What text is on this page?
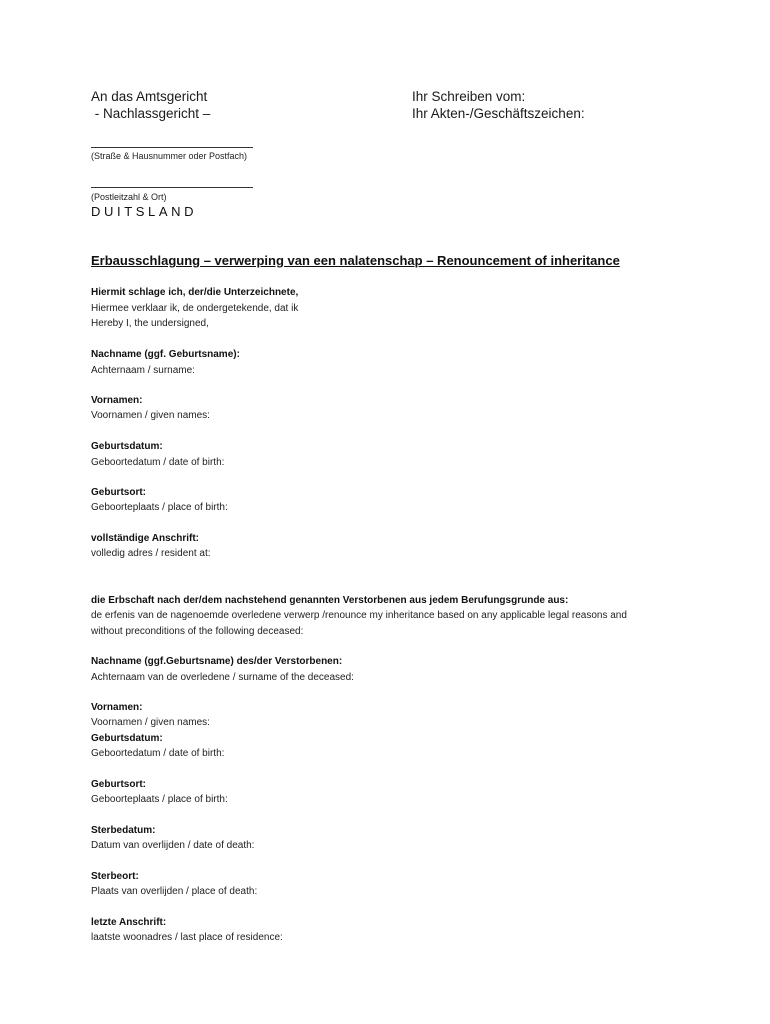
An das Amtsgericht
- Nachlassgericht –
Ihr Schreiben vom:
Ihr Akten-/Geschäftszeichen:
(Straße & Hausnummer oder Postfach)
(Postleitzahl & Ort)
DUITSLAND
Erbausschlagung – verwerping van een nalatenschap – Renouncement of inheritance
Hiermit schlage ich, der/die Unterzeichnete,
Hiermee verklaar ik, de ondergetekende, dat ik
Hereby I, the undersigned,
Nachname (ggf. Geburtsname):
Achternaam / surname:
Vornamen:
Voornamen / given names:
Geburtsdatum:
Geboortedatum / date of birth:
Geburtsort:
Geboorteplaats / place of birth:
vollständige Anschrift:
volledig adres / resident at:
die Erbschaft nach der/dem nachstehend genannten Verstorbenen aus jedem Berufungsgrunde aus:
de erfenis van de nagenoemde overledene verwerp /renounce my inheritance based on any applicable legal reasons and
without preconditions of the following deceased:
Nachname (ggf.Geburtsname) des/der Verstorbenen:
Achternaam van de overledene / surname of the deceased:
Vornamen:
Voornamen / given names:
Geburtsdatum:
Geboortedatum / date of birth:
Geburtsort:
Geboorteplaats / place of birth:
Sterbedatum:
Datum van overlijden / date of death:
Sterbeort:
Plaats van overlijden / place of death:
letzte Anschrift:
laatste woonadres / last place of residence:
